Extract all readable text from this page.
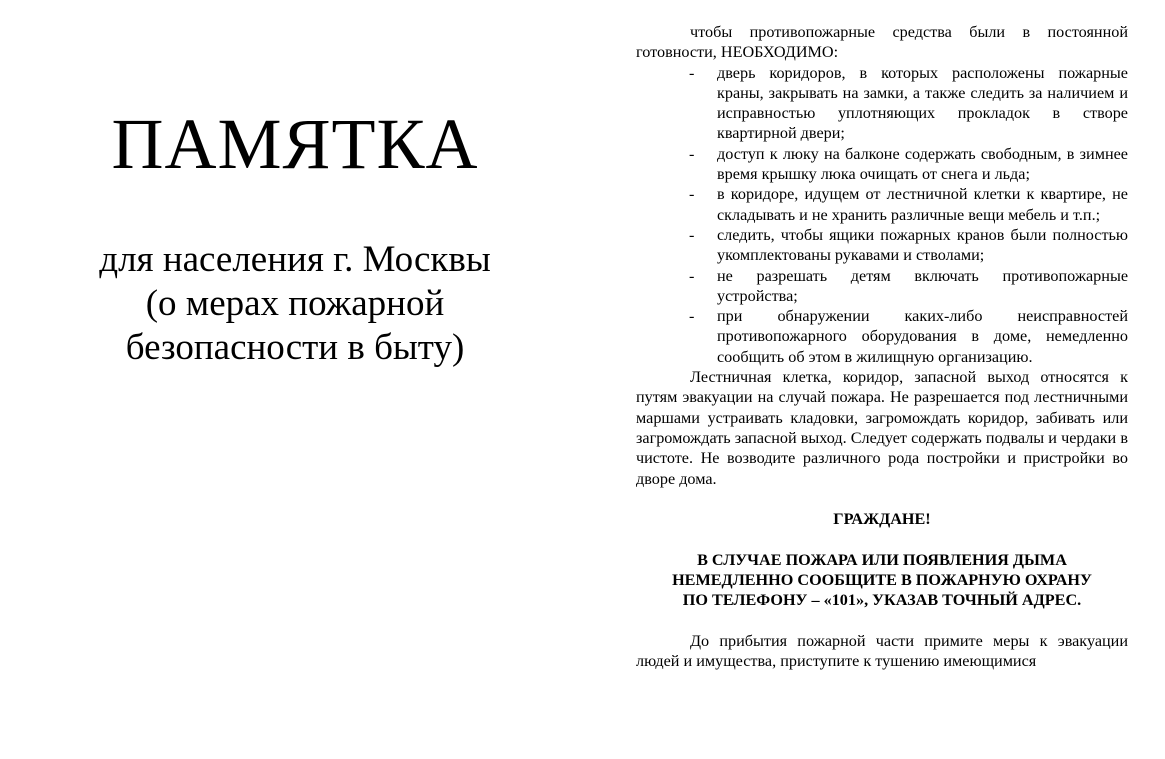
ПАМЯТКА
для населения г. Москвы
(о мерах пожарной
безопасности в быту)

чтобы противопожарные средства были в постоянной готовности, НЕОБХОДИМО:

- дверь коридоров, в которых расположены пожарные краны, закрывать на замки, а также следить за наличием и исправностью уплотняющих прокладок в створе квартирной двери;
- доступ к люку на балконе содержать свободным, в зимнее время крышку люка очищать от снега и льда;
- в коридоре, идущем от лестничной клетки к квартире, не складывать и не хранить различные вещи мебель и т.п.;
- следить, чтобы ящики пожарных кранов были полностью укомплектованы рукавами и стволами;
- не разрешать детям включать противопожарные устройства;
- при обнаружении каких-либо неисправностей противопожарного оборудования в доме, немедленно сообщить об этом в жилищную организацию.

Лестничная клетка, коридор, запасной выход относятся к путям эвакуации на случай пожара. Не разрешается под лестничными маршами устраивать кладовки, загромождать коридор, забивать или загромождать запасной выход. Следует содержать подвалы и чердаки в чистоте. Не возводите различного рода постройки и пристройки во дворе дома.

ГРАЖДАНЕ!

В СЛУЧАЕ ПОЖАРА ИЛИ ПОЯВЛЕНИЯ ДЫМА
НЕМЕДЛЕННО СООБЩИТЕ В ПОЖАРНУЮ ОХРАНУ
ПО ТЕЛЕФОНУ – «101», УКАЗАВ ТОЧНЫЙ АДРЕС.

До прибытия пожарной части примите меры к эвакуации людей и имущества, приступите к тушению имеющимися
